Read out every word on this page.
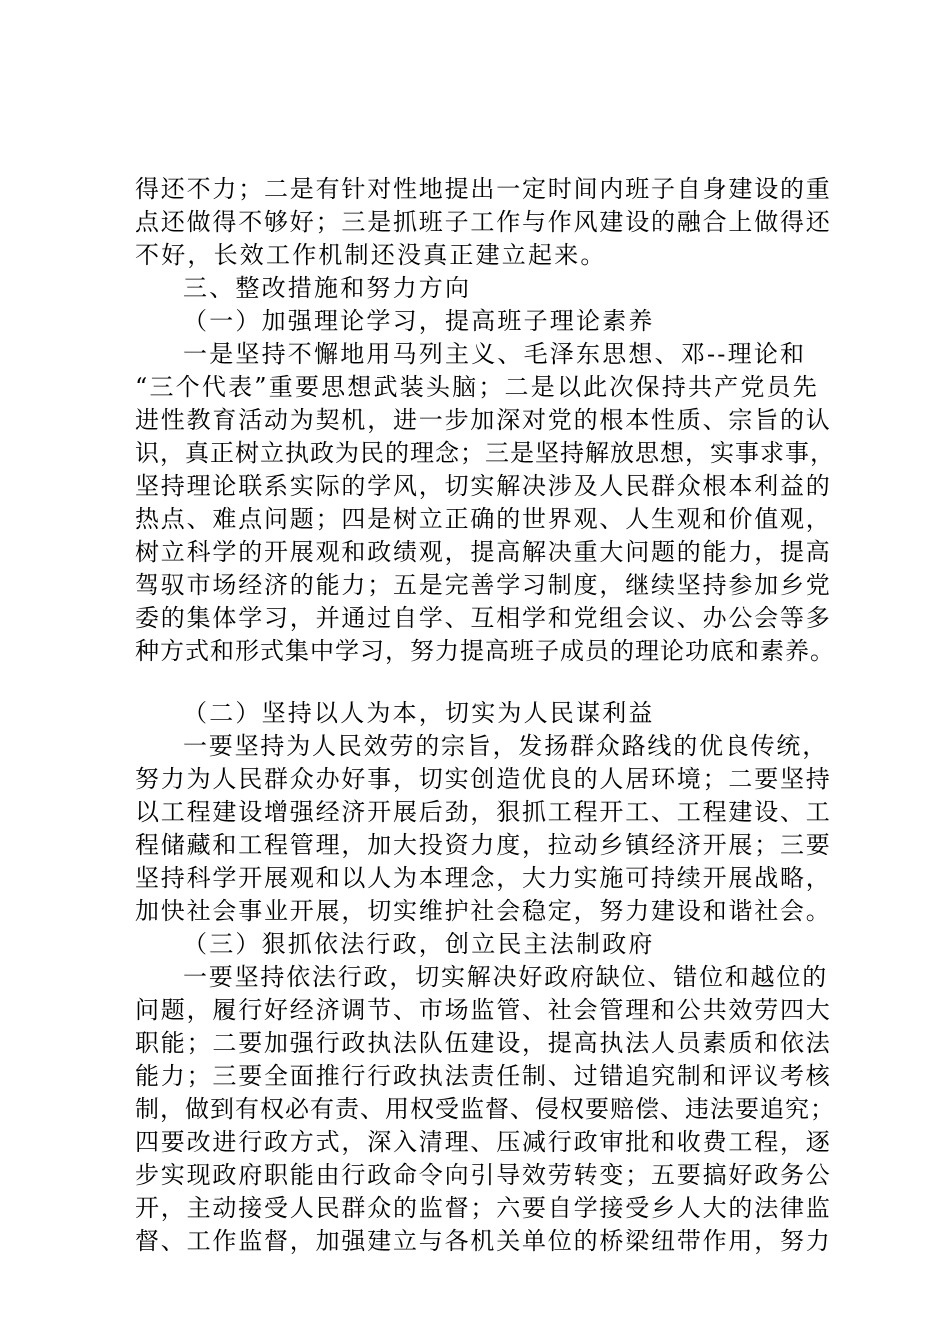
得还不力；二是有针对性地提出一定时间内班子自身建设的重
点还做得不够好；三是抓班子工作与作风建设的融合上做得还
不好，长效工作机制还没真正建立起来。
三、整改措施和努力方向
（一）加强理论学习，提高班子理论素养
一是坚持不懈地用马列主义、毛泽东思想、邓--理论和
“三个代表”重要思想武装头脑；二是以此次保持共产党员先
进性教育活动为契机，进一步加深对党的根本性质、宗旨的认
识，真正树立执政为民的理念；三是坚持解放思想，实事求事，
坚持理论联系实际的学风，切实解决涉及人民群众根本利益的
热点、难点问题；四是树立正确的世界观、人生观和价值观，
树立科学的开展观和政绩观，提高解决重大问题的能力，提高
驾驭市场经济的能力；五是完善学习制度，继续坚持参加乡党
委的集体学习，并通过自学、互相学和党组会议、办公会等多
种方式和形式集中学习，努力提高班子成员的理论功底和素养。
（二）坚持以人为本，切实为人民谋利益
一要坚持为人民效劳的宗旨，发扬群众路线的优良传统，
努力为人民群众办好事，切实创造优良的人居环境；二要坚持
以工程建设增强经济开展后劲，狠抓工程开工、工程建设、工
程储藏和工程管理，加大投资力度，拉动乡镇经济开展；三要
坚持科学开展观和以人为本理念，大力实施可持续开展战略，
加快社会事业开展，切实维护社会稳定，努力建设和谐社会。
（三）狠抓依法行政，创立民主法制政府
一要坚持依法行政，切实解决好政府缺位、错位和越位的
问题，履行好经济调节、市场监管、社会管理和公共效劳四大
职能；二要加强行政执法队伍建设，提高执法人员素质和依法
能力；三要全面推行行政执法责任制、过错追究制和评议考核
制，做到有权必有责、用权受监督、侵权要赔偿、违法要追究；
四要改进行政方式，深入清理、压减行政审批和收费工程，逐
步实现政府职能由行政命令向引导效劳转变；五要搞好政务公
开，主动接受人民群众的监督；六要自学接受乡人大的法律监
督、工作监督，加强建立与各机关单位的桥梁纽带作用，努力
